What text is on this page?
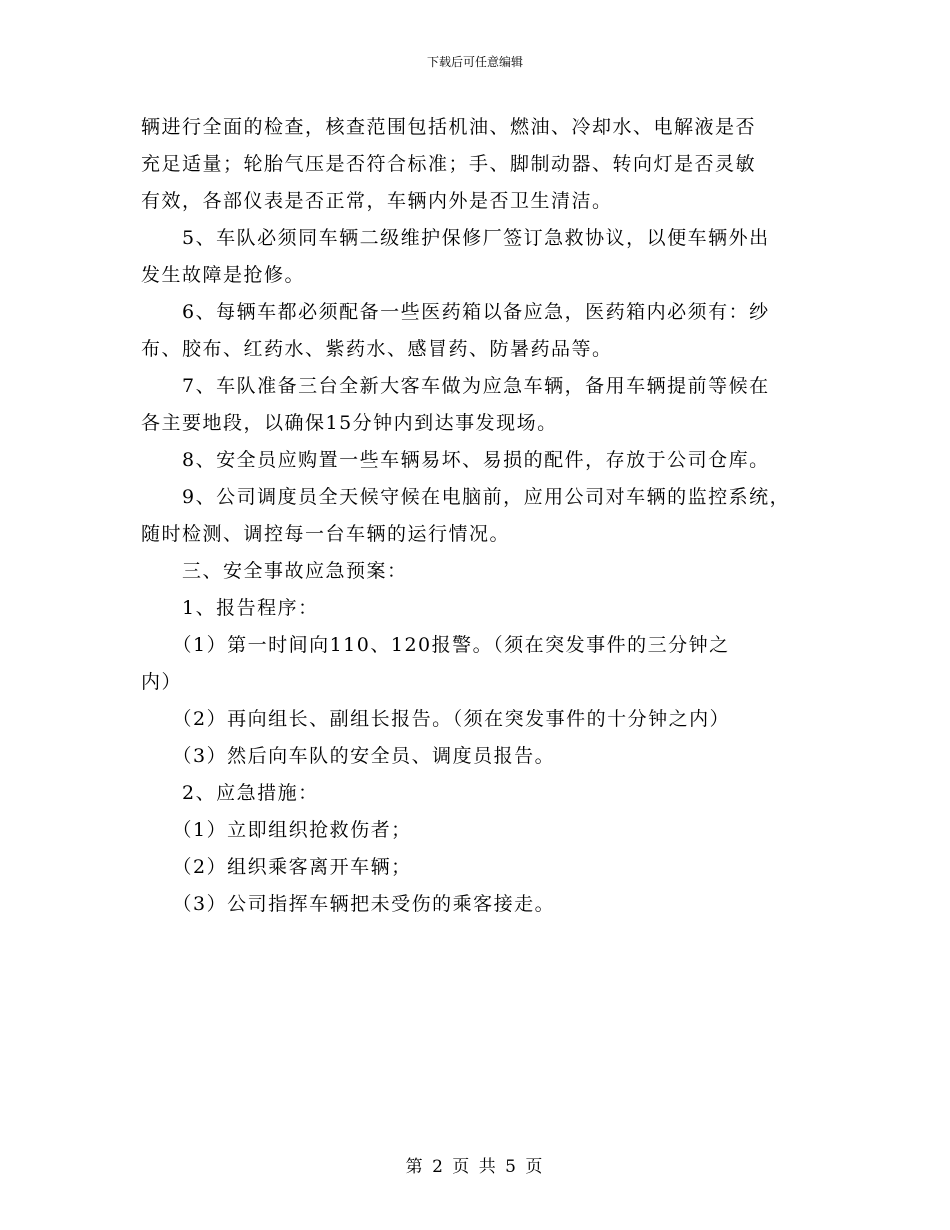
下载后可任意编辑
辆进行全面的检查，核查范围包括机油、燃油、冷却水、电解液是否
充足适量；轮胎气压是否符合标准；手、脚制动器、转向灯是否灵敏
有效，各部仪表是否正常，车辆内外是否卫生清洁。
　　5、车队必须同车辆二级维护保修厂签订急救协议，以便车辆外出
发生故障是抢修。
　　6、每辆车都必须配备一些医药箱以备应急，医药箱内必须有：纱
布、胶布、红药水、紫药水、感冒药、防暑药品等。
　　7、车队准备三台全新大客车做为应急车辆，备用车辆提前等候在
各主要地段，以确保15分钟内到达事发现场。
　　8、安全员应购置一些车辆易坏、易损的配件，存放于公司仓库。
　　9、公司调度员全天候守候在电脑前，应用公司对车辆的监控系统，
随时检测、调控每一台车辆的运行情况。
　　三、安全事故应急预案：
　　1、报告程序：
　　（1）第一时间向110、120报警。（须在突发事件的三分钟之
内）
　　（2）再向组长、副组长报告。（须在突发事件的十分钟之内）
　　（3）然后向车队的安全员、调度员报告。
　　2、应急措施：
　　（1）立即组织抢救伤者；
　　（2）组织乘客离开车辆；
　　（3）公司指挥车辆把未受伤的乘客接走。
第 2 页 共 5 页
